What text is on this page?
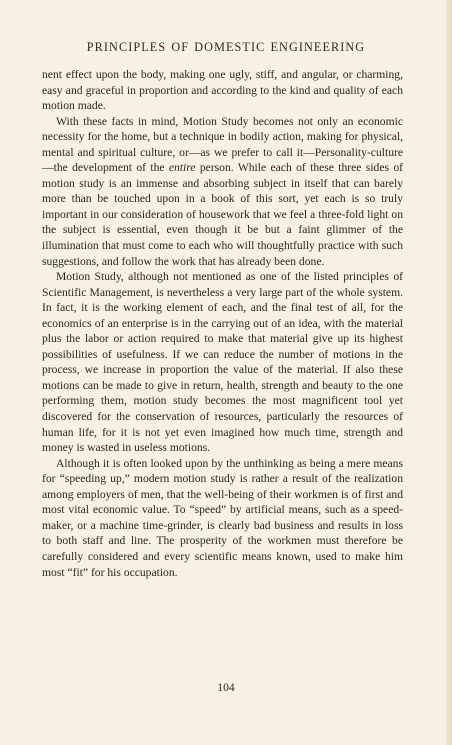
PRINCIPLES OF DOMESTIC ENGINEERING

nent effect upon the body, making one ugly, stiff, and angular, or charming, easy and graceful in proportion and according to the kind and quality of each motion made.

With these facts in mind, Motion Study becomes not only an economic necessity for the home, but a technique in bodily action, making for physical, mental and spiritual culture, or—as we prefer to call it—Personality-culture—the development of the entire person. While each of these three sides of motion study is an immense and absorbing subject in itself that can barely more than be touched upon in a book of this sort, yet each is so truly important in our consideration of housework that we feel a three-fold light on the subject is essential, even though it be but a faint glimmer of the illumination that must come to each who will thoughtfully practice with such suggestions, and follow the work that has already been done.

Motion Study, although not mentioned as one of the listed principles of Scientific Management, is nevertheless a very large part of the whole system. In fact, it is the working element of each, and the final test of all, for the economics of an enterprise is in the carrying out of an idea, with the material plus the labor or action required to make that material give up its highest possibilities of usefulness. If we can reduce the number of motions in the process, we increase in proportion the value of the material. If also these motions can be made to give in return, health, strength and beauty to the one performing them, motion study becomes the most magnificent tool yet discovered for the conservation of resources, particularly the resources of human life, for it is not yet even imagined how much time, strength and money is wasted in useless motions.

Although it is often looked upon by the unthinking as being a mere means for “speeding up,” modern motion study is rather a result of the realization among employers of men, that the well-being of their workmen is of first and most vital economic value. To “speed” by artificial means, such as a speed-maker, or a machine time-grinder, is clearly bad business and results in loss to both staff and line. The prosperity of the workmen must therefore be carefully considered and every scientific means known, used to make him most “fit” for his occupation.

104
